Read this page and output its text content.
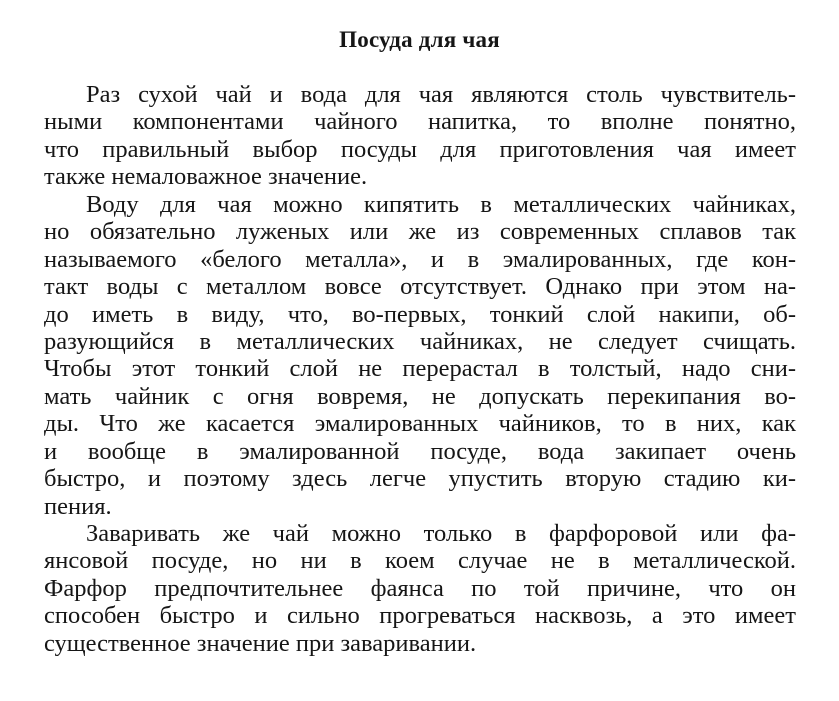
Посуда для чая
Раз сухой чай и вода для чая являются столь чувствитель-
ными компонентами чайного напитка, то вполне понятно,
что правильный выбор посуды для приготовления чая имеет
также немаловажное значение.
Воду для чая можно кипятить в металлических чайниках,
но обязательно луженых или же из современных сплавов так
называемого «белого металла», и в эмалированных, где кон-
такт воды с металлом вовсе отсутствует. Однако при этом на-
до иметь в виду, что, во-первых, тонкий слой накипи, об-
разующийся в металлических чайниках, не следует счищать.
Чтобы этот тонкий слой не перерастал в толстый, надо сни-
мать чайник с огня вовремя, не допускать перекипания во-
ды. Что же касается эмалированных чайников, то в них, как
и вообще в эмалированной посуде, вода закипает очень
быстро, и поэтому здесь легче упустить вторую стадию ки-
пения.
Заваривать же чай можно только в фарфоровой или фа-
янсовой посуде, но ни в коем случае не в металлической.
Фарфор предпочтительнее фаянса по той причине, что он
способен быстро и сильно прогреваться насквозь, а это имеет
существенное значение при заваривании.
